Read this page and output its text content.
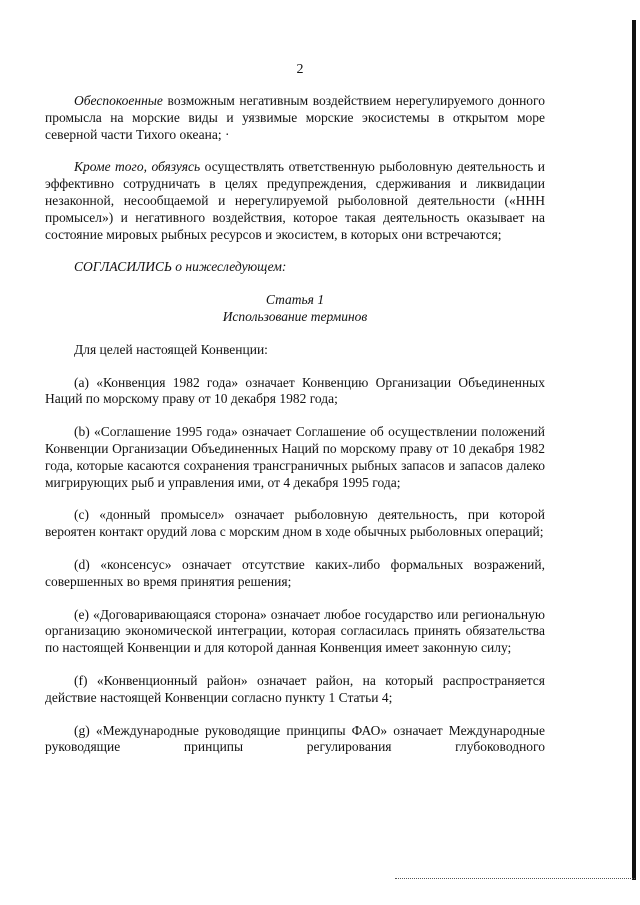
2

Обеспокоенные возможным негативным воздействием нерегулируемого донного промысла на морские виды и уязвимые морские экосистемы в открытом море северной части Тихого океана; ·

Кроме того, обязуясь осуществлять ответственную рыболовную деятельность и эффективно сотрудничать в целях предупреждения, сдерживания и ликвидации незаконной, несообщаемой и нерегулируемой рыболовной деятельности («ННН промысел») и негативного воздействия, которое такая деятельность оказывает на состояние мировых рыбных ресурсов и экосистем, в которых они встречаются;

СОГЛАСИЛИСЬ о нижеследующем:

Статья 1
Использование терминов

Для целей настоящей Конвенции:

(a) «Конвенция 1982 года» означает Конвенцию Организации Объединенных Наций по морскому праву от 10 декабря 1982 года;

(b) «Соглашение 1995 года» означает Соглашение об осуществлении положений Конвенции Организации Объединенных Наций по морскому праву от 10 декабря 1982 года, которые касаются сохранения трансграничных рыбных запасов и запасов далеко мигрирующих рыб и управления ими, от 4 декабря 1995 года;

(c) «донный промысел» означает рыболовную деятельность, при которой вероятен контакт орудий лова с морским дном в ходе обычных рыболовных операций;

(d) «консенсус» означает отсутствие каких-либо формальных возражений, совершенных во время принятия решения;

(e) «Договаривающаяся сторона» означает любое государство или региональную организацию экономической интеграции, которая согласилась принять обязательства по настоящей Конвенции и для которой данная Конвенция имеет законную силу;

(f) «Конвенционный район» означает район, на который распространяется действие настоящей Конвенции согласно пункту 1 Статьи 4;

(g) «Международные руководящие принципы ФАО» означает Международные руководящие принципы регулирования глубоководного
